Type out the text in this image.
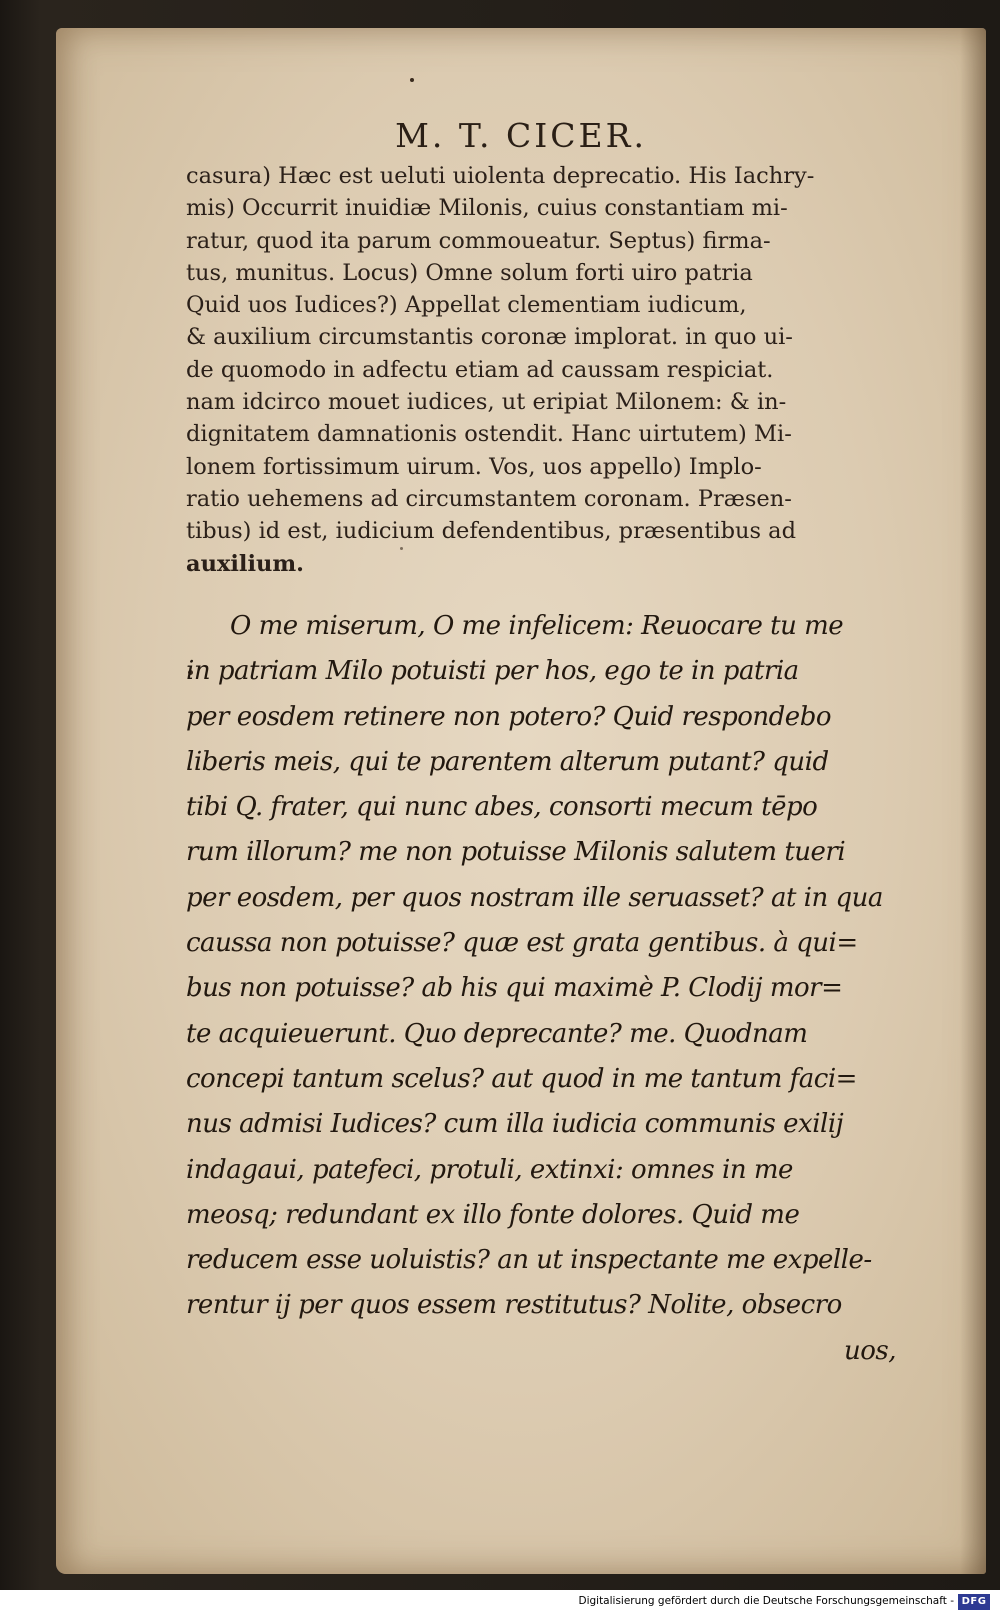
M. T. CICER.
casura) Hæc est ueluti uiolenta deprecatio. His Iachry-
mis) Occurrit inuidiæ Milonis, cuius constantiam mi-
ratur, quod ita parum commoueatur. Septus) firma-
tus, munitus. Locus) Omne solum forti uiro patria
Quid uos Iudices?) Appellat clementiam iudicum,
& auxilium circumstantis coronæ implorat. in quo ui-
de quomodo in adfectu etiam ad caussam respiciat.
nam idcirco mouet iudices, ut eripiat Milonem: & in-
dignitatem damnationis ostendit. Hanc uirtutem) Mi-
lonem fortissimum uirum. Vos, uos appello) Implo-
ratio uehemens ad circumstantem coronam. Præsen-
tibus) id est, iudicium defendentibus, præsentibus ad
auxilium.
O me miserum, O me infelicem: Reuocare tu me
in patriam Milo potuisti per hos, ego te in patria
per eosdem retinere non potero? Quid respondebo
liberis meis, qui te parentem alterum putant? quid
tibi Q. frater, qui nunc abes, consorti mecum tēpo
rum illorum? me non potuisse Milonis salutem tueri
per eosdem, per quos nostram ille seruasset? at in qua
caussa non potuisse? quæ est grata gentibus. à qui=
bus non potuisse? ab his qui maximè P. Clodij mor=
te acquieuerunt. Quo deprecante? me. Quodnam
concepi tantum scelus? aut quod in me tantum faci=
nus admisi Iudices? cum illa iudicia communis exilij
indagaui, patefeci, protuli, extinxi: omnes in me
meosq; redundant ex illo fonte dolores. Quid me
reducem esse uoluistis? an ut inspectante me expelle-
rentur ij per quos essem restitutus? Nolite, obsecro
uos,
Digitalisierung gefördert durch die Deutsche Forschungsgemeinschaft - DFG
